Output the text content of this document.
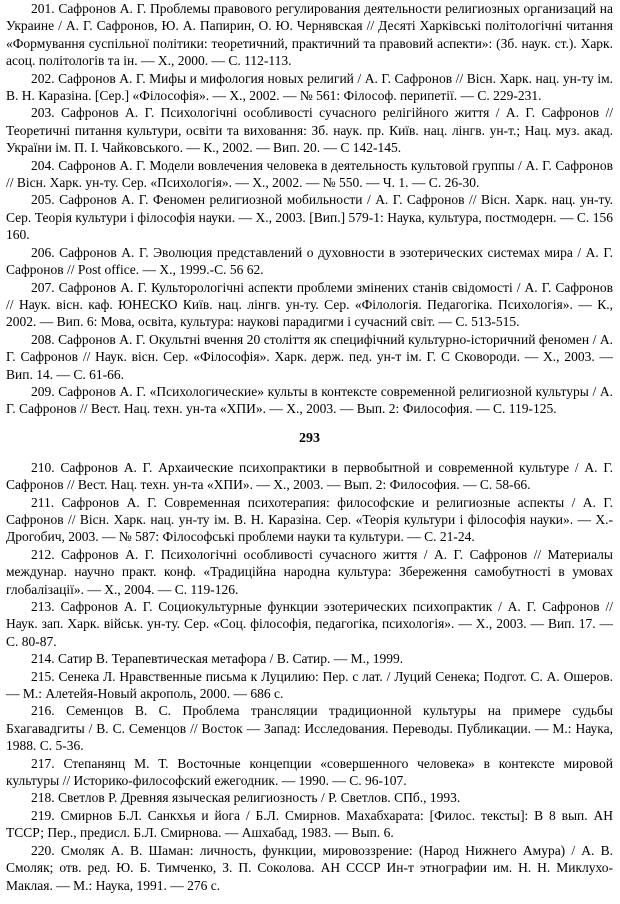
201. Сафронов А. Г. Проблемы правового регулирования деятельности религиозных организаций на Украине / А. Г. Сафронов, Ю. А. Папирин, О. Ю. Чернявская // Десяті Харківські політологічні читання «Формування суспільної політики: теоретичний, практичний та правовий аспекти»: (Зб. наук. ст.). Харк. асоц. політологів та ін. — Х., 2000. — С. 112-113.

202. Сафронов А. Г. Мифы и мифология новых религий / А. Г. Сафронов // Вісн. Харк. нац. ун-ту ім. В. Н. Каразіна. [Сер.] «Філософія». — Х., 2002. — № 561: Філософ. перипетії. — С. 229-231.

203. Сафронов А. Г. Психологічні особливості сучасного релігійного життя / А. Г. Сафронов // Теоретичні питання культури, освіти та виховання: Зб. наук. пр. Київ. нац. лінгв. ун-т.; Нац. муз. акад. України ім. П. І. Чайковського. — К., 2002. — Вип. 20. — С 142-145.

204. Сафронов А. Г. Модели вовлечения человека в деятельность культовой группы / А. Г. Сафронов // Вісн. Харк. ун-ту. Сер. «Психологія». — Х., 2002. — № 550. — Ч. 1. — С. 26-30.

205. Сафронов А. Г. Феномен религиозной мобильности / А. Г. Сафронов // Вісн. Харк. нац. ун-ту. Сер. Теорія культури і філософія науки. — Х., 2003. [Вип.] 579-1: Наука, культура, постмодерн. — С. 156 160.

206. Сафронов А. Г. Эволюция представлений о духовности в эзотерических системах мира / А. Г. Сафронов // Post office. — Х., 1999.-С. 56 62.

207. Сафронов А. Г. Культорологічні аспекти проблеми змінених станів свідомості / А. Г. Сафронов // Наук. вісн. каф. ЮНЕСКО Київ. нац. лінгв. ун-ту. Сер. «Філологія. Педагогіка. Психологія». — К., 2002. — Вип. 6: Мова, освіта, культура: наукові парадигми і сучасний світ. — С. 513-515.

208. Сафронов А. Г. Окультні вчення 20 століття як специфічний культурно-історичний феномен / А. Г. Сафронов // Наук. вісн. Сер. «Філософія». Харк. держ. пед. ун-т ім. Г. С Сковороди. — Х., 2003. — Вип. 14. — С. 61-66.

209. Сафронов А. Г. «Психологические» культы в контексте современной религиозной культуры / А. Г. Сафронов // Вест. Нац. техн. ун-та «ХПИ». — Х., 2003. — Вып. 2: Философия. — С. 119-125.

293

210. Сафронов А. Г. Архаические психопрактики в первобытной и современной культуре / А. Г. Сафронов // Вест. Нац. техн. ун-та «ХПИ». — Х., 2003. — Вып. 2: Философия. — С. 58-66.

211. Сафронов А. Г. Современная психотерапия: философские и религиозные аспекты / А. Г. Сафронов // Вісн. Харк. нац. ун-ту ім. В. Н. Каразіна. Сер. «Теорія культури і філософія науки». — Х.-Дрогобич, 2003. — № 587: Філософські проблеми науки та культури. — С. 21-24.

212. Сафронов А. Г. Психологічні особливості сучасного життя / А. Г. Сафронов // Материалы междунар. научно практ. конф. «Традиційна народна культура: Збереження самобутності в умовах глобалізації». — Х., 2004. — С. 119-126.

213. Сафронов А. Г. Социокультурные функции эзотерических психопрактик / А. Г. Сафронов // Наук. зап. Харк. військ. ун-ту. Сер. «Соц. філософія, педагогіка, психологія». — Х., 2003. — Вип. 17. — С. 80-87.

214. Сатир В. Терапевтическая метафора / В. Сатир. — М., 1999.

215. Сенека Л. Нравственные письма к Луцилию: Пер. с лат. / Луций Сенека; Подгот. С. А. Ошеров. — М.: Алетейя-Новый акрополь, 2000. — 686 с.

216. Семенцов В. С. Проблема трансляции традиционной культуры на примере судьбы Бхагавадгиты / В. С. Семенцов // Восток — Запад: Исследования. Переводы. Публикации. — М.: Наука, 1988. С. 5-36.

217. Степанянц М. Т. Восточные концепции «совершенного человека» в контексте мировой культуры // Историко-философский ежегодник. — 1990. — С. 96-107.

218. Светлов Р. Древняя языческая религиозность / Р. Светлов. СПб., 1993.

219. Смирнов Б.Л. Санкхья и йога / Б.Л. Смирнов. Махабхарата: [Филос. тексты]: В 8 вып. АН ТССР; Пер., предисл. Б.Л. Смирнова. — Ашхабад, 1983. — Вып. 6.

220. Смоляк А. В. Шаман: личность, функции, мировоззрение: (Народ Нижнего Амура) / А. В. Смоляк; отв. ред. Ю. Б. Тимченко, З. П. Соколова. АН СССР Ин-т этнографии им. Н. Н. Миклухо-Маклая. — М.: Наука, 1991. — 276 с.
